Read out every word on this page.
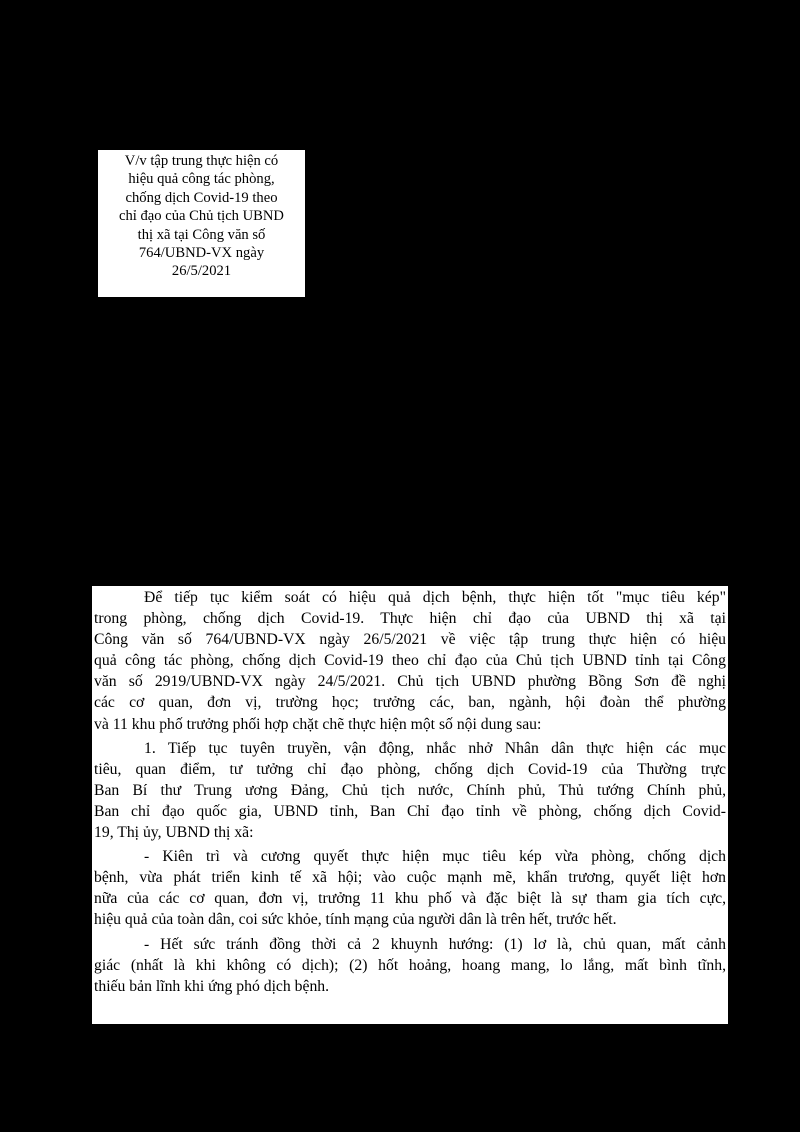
V/v tập trung thực hiện có
hiệu quả công tác phòng,
chống dịch Covid-19 theo
chỉ đạo của Chủ tịch UBND
thị xã tại Công văn số
764/UBND-VX ngày
26/5/2021
Để tiếp tục kiểm soát có hiệu quả dịch bệnh, thực hiện tốt "mục tiêu kép"
trong phòng, chống dịch Covid-19. Thực hiện chỉ đạo của UBND thị xã tại
Công văn số 764/UBND-VX ngày 26/5/2021 về việc tập trung thực hiện có hiệu
quả công tác phòng, chống dịch Covid-19 theo chỉ đạo của Chủ tịch UBND tỉnh tại Công
văn số 2919/UBND-VX ngày 24/5/2021. Chủ tịch UBND phường Bồng Sơn đề nghị
các cơ quan, đơn vị, trường học; trưởng các, ban, ngành, hội đoàn thể phường
và 11 khu phố trưởng phối hợp chặt chẽ thực hiện một số nội dung sau:
1. Tiếp tục tuyên truyền, vận động, nhắc nhở Nhân dân thực hiện các mục
tiêu, quan điểm, tư tưởng chỉ đạo phòng, chống dịch Covid-19 của Thường trực
Ban Bí thư Trung ương Đảng, Chủ tịch nước, Chính phủ, Thủ tướng Chính phủ,
Ban chỉ đạo quốc gia, UBND tỉnh, Ban Chỉ đạo tỉnh về phòng, chống dịch Covid-
19, Thị ủy, UBND thị xã:
- Kiên trì và cương quyết thực hiện mục tiêu kép vừa phòng, chống dịch
bệnh, vừa phát triển kinh tế xã hội; vào cuộc mạnh mẽ, khẩn trương, quyết liệt hơn
nữa của các cơ quan, đơn vị, trưởng 11 khu phố và đặc biệt là sự tham gia tích cực,
hiệu quả của toàn dân, coi sức khỏe, tính mạng của người dân là trên hết, trước hết.
- Hết sức tránh đồng thời cả 2 khuynh hướng: (1) lơ là, chủ quan, mất cảnh
giác (nhất là khi không có dịch); (2) hốt hoảng, hoang mang, lo lắng, mất bình tĩnh,
thiếu bản lĩnh khi ứng phó dịch bệnh.
